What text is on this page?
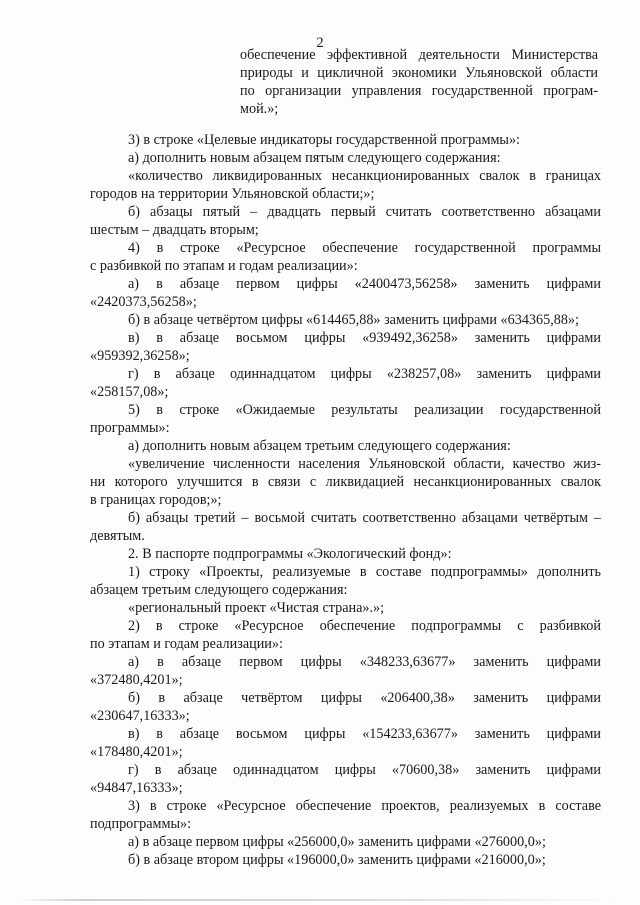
2
обеспечение эффективной деятельности Министерства
природы и цикличной экономики Ульяновской области
по организации управления государственной програм-
мой.»;
3) в строке «Целевые индикаторы государственной программы»:
а) дополнить новым абзацем пятым следующего содержания:
«количество ликвидированных несанкционированных свалок в границах
городов на территории Ульяновской области;»;
б) абзацы пятый – двадцать первый считать соответственно абзацами
шестым – двадцать вторым;
4) в строке «Ресурсное обеспечение государственной программы
с разбивкой по этапам и годам реализации»:
а) в абзаце первом цифры «2400473,56258» заменить цифрами
«2420373,56258»;
б) в абзаце четвёртом цифры «614465,88» заменить цифрами «634365,88»;
в) в абзаце восьмом цифры «939492,36258» заменить цифрами
«959392,36258»;
г) в абзаце одиннадцатом цифры «238257,08» заменить цифрами
«258157,08»;
5) в строке «Ожидаемые результаты реализации государственной
программы»:
а) дополнить новым абзацем третьим следующего содержания:
«увеличение численности населения Ульяновской области, качество жиз-
ни которого улучшится в связи с ликвидацией несанкционированных свалок
в границах городов;»;
б) абзацы третий – восьмой считать соответственно абзацами четвёртым –
девятым.
2. В паспорте подпрограммы «Экологический фонд»:
1) строку «Проекты, реализуемые в составе подпрограммы» дополнить
абзацем третьим следующего содержания:
«региональный проект «Чистая страна».»;
2) в строке «Ресурсное обеспечение подпрограммы с разбивкой
по этапам и годам реализации»:
а) в абзаце первом цифры «348233,63677» заменить цифрами
«372480,4201»;
б) в абзаце четвёртом цифры «206400,38» заменить цифрами
«230647,16333»;
в) в абзаце восьмом цифры «154233,63677» заменить цифрами
«178480,4201»;
г) в абзаце одиннадцатом цифры «70600,38» заменить цифрами
«94847,16333»;
3) в строке «Ресурсное обеспечение проектов, реализуемых в составе
подпрограммы»:
а) в абзаце первом цифры «256000,0» заменить цифрами «276000,0»;
б) в абзаце втором цифры «196000,0» заменить цифрами «216000,0»;
